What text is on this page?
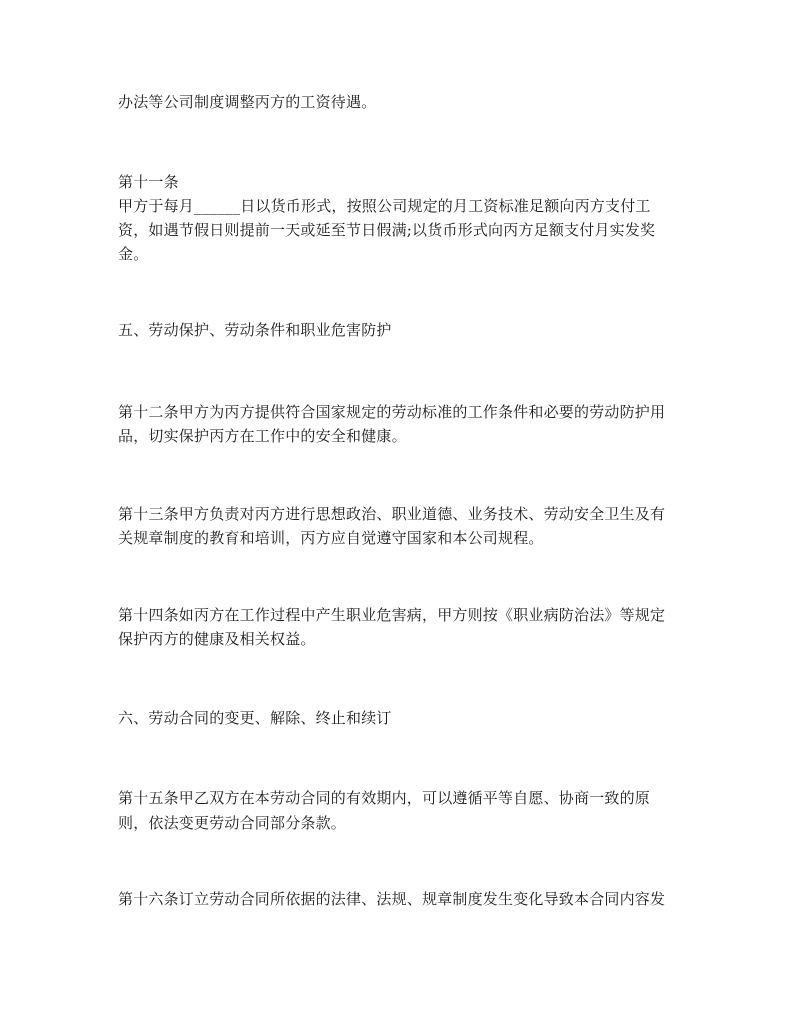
办法等公司制度调整丙方的工资待遇。
第十一条
甲方于每月______日以货币形式，按照公司规定的月工资标准足额向丙方支付工
资，如遇节假日则提前一天或延至节日假满;以货币形式向丙方足额支付月实发奖
金。
五、劳动保护、劳动条件和职业危害防护
第十二条甲方为丙方提供符合国家规定的劳动标准的工作条件和必要的劳动防护用
品，切实保护丙方在工作中的安全和健康。
第十三条甲方负责对丙方进行思想政治、职业道德、业务技术、劳动安全卫生及有
关规章制度的教育和培训，丙方应自觉遵守国家和本公司规程。
第十四条如丙方在工作过程中产生职业危害病，甲方则按《职业病防治法》等规定
保护丙方的健康及相关权益。
六、劳动合同的变更、解除、终止和续订
第十五条甲乙双方在本劳动合同的有效期内，可以遵循平等自愿、协商一致的原
则，依法变更劳动合同部分条款。
第十六条订立劳动合同所依据的法律、法规、规章制度发生变化导致本合同内容发
